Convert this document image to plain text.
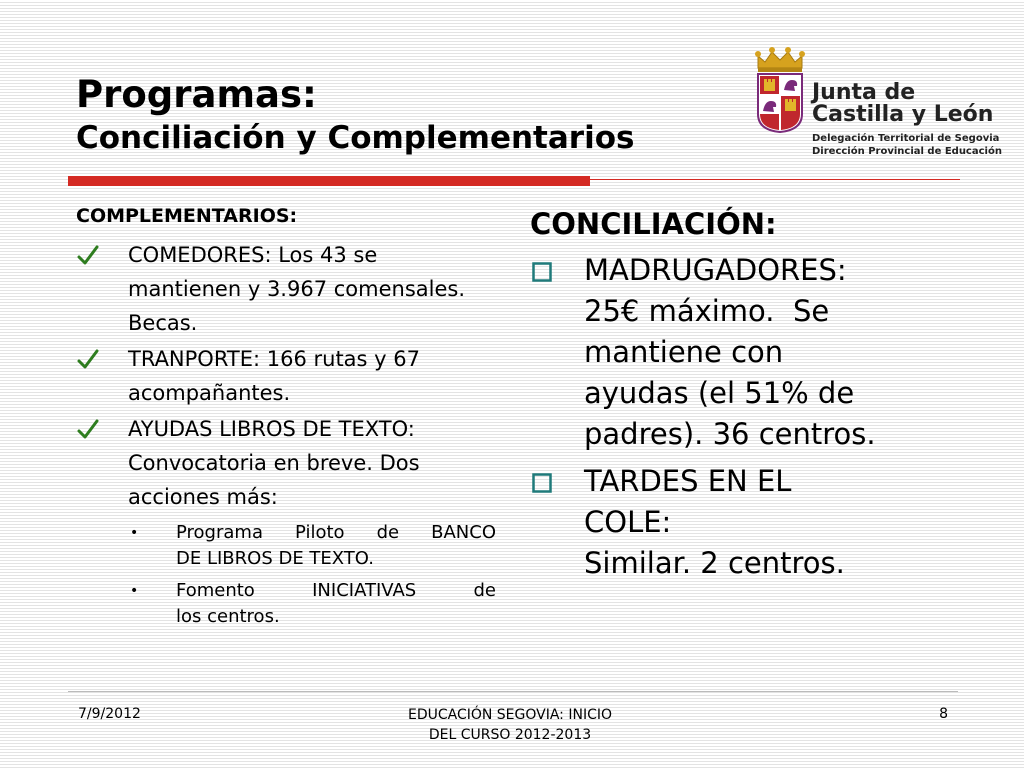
Programas:
Conciliación y Complementarios
Junta de
Castilla y León
Delegación Territorial de Segovia
Dirección Provincial de Educación

COMPLEMENTARIOS:

COMEDORES: Los 43 se mantienen y 3.967 comensales. Becas.
TRANPORTE: 166 rutas y 67 acompañantes.
AYUDAS LIBROS DE TEXTO: Convocatoria en breve. Dos acciones más:
• Programa Piloto de BANCO
DE LIBROS DE TEXTO.
• Fomento INICIATIVAS de
los centros.

CONCILIACIÓN:

MADRUGADORES:
25€ máximo.  Se
mantiene con
ayudas (el 51% de
padres). 36 centros.
TARDES EN EL
COLE:
Similar. 2 centros.
7/9/2012	EDUCACIÓN SEGOVIA: INICIO
DEL CURSO 2012-2013
8
